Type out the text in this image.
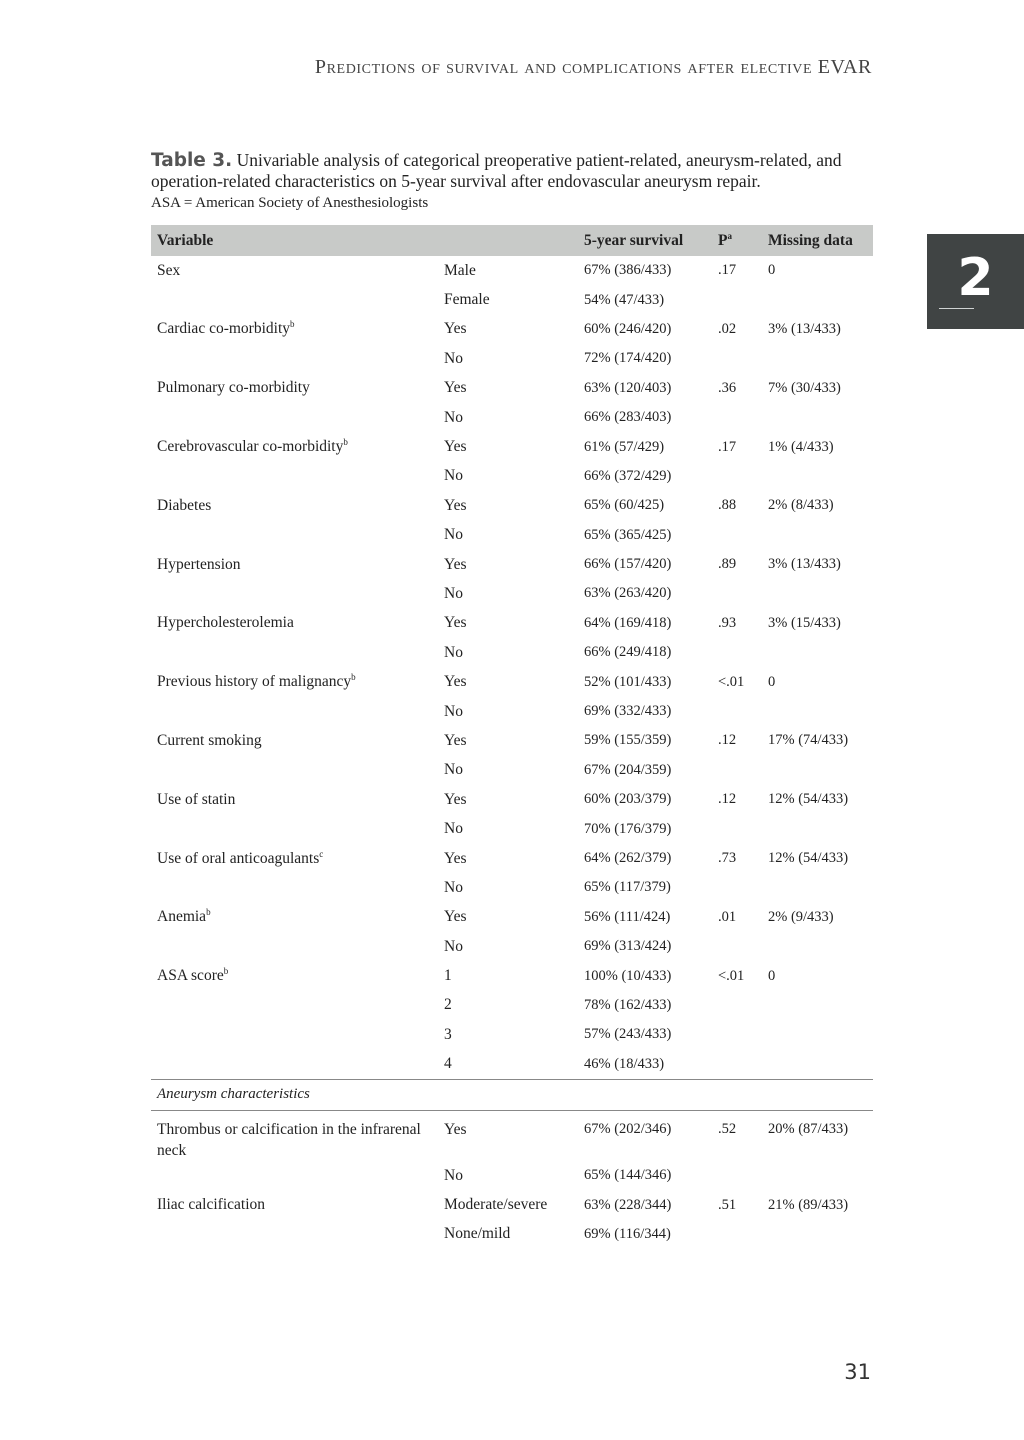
Predictions of survival and complications after elective EVAR
2
Table 3. Univariable analysis of categorical preoperative patient-related, aneurysm-related, and operation-related characteristics on 5-year survival after endovascular aneurysm repair.
ASA = American Society of Anesthesiologists
Variable		5-year survival	$P^a$	Missing data
Sex	Male	67% (386/433)	.17	0
	Female	54% (47/433)		
Cardiac co-morbidity$^b$	Yes	60% (246/420)	.02	3% (13/433)
	No	72% (174/420)		
Pulmonary co-morbidity	Yes	63% (120/403)	.36	7% (30/433)
	No	66% (283/403)		
Cerebrovascular co-morbidity$^b$	Yes	61% (57/429)	.17	1% (4/433)
	No	66% (372/429)		
Diabetes	Yes	65% (60/425)	.88	2% (8/433)
	No	65% (365/425)		
Hypertension	Yes	66% (157/420)	.89	3% (13/433)
	No	63% (263/420)		
Hypercholesterolemia	Yes	64% (169/418)	.93	3% (15/433)
	No	66% (249/418)		
Previous history of malignancy$^b$	Yes	52% (101/433)	<.01	0
	No	69% (332/433)		
Current smoking	Yes	59% (155/359)	.12	17% (74/433)
	No	67% (204/359)		
Use of statin	Yes	60% (203/379)	.12	12% (54/433)
	No	70% (176/379)		
Use of oral anticoagulants$^c$	Yes	64% (262/379)	.73	12% (54/433)
	No	65% (117/379)		
Anemia$^b$	Yes	56% (111/424)	.01	2% (9/433)
	No	69% (313/424)		
ASA score$^b$	1	100% (10/433)	<.01	0
	2	78% (162/433)		
	3	57% (243/433)		
	4	46% (18/433)		
Aneurysm characteristics				
Thrombus or calcification in the infrarenal neck	Yes	67% (202/346)	.52	20% (87/433)
	No	65% (144/346)		
Iliac calcification	Moderate/severe	63% (228/344)	.51	21% (89/433)
	None/mild	69% (116/344)		
31
